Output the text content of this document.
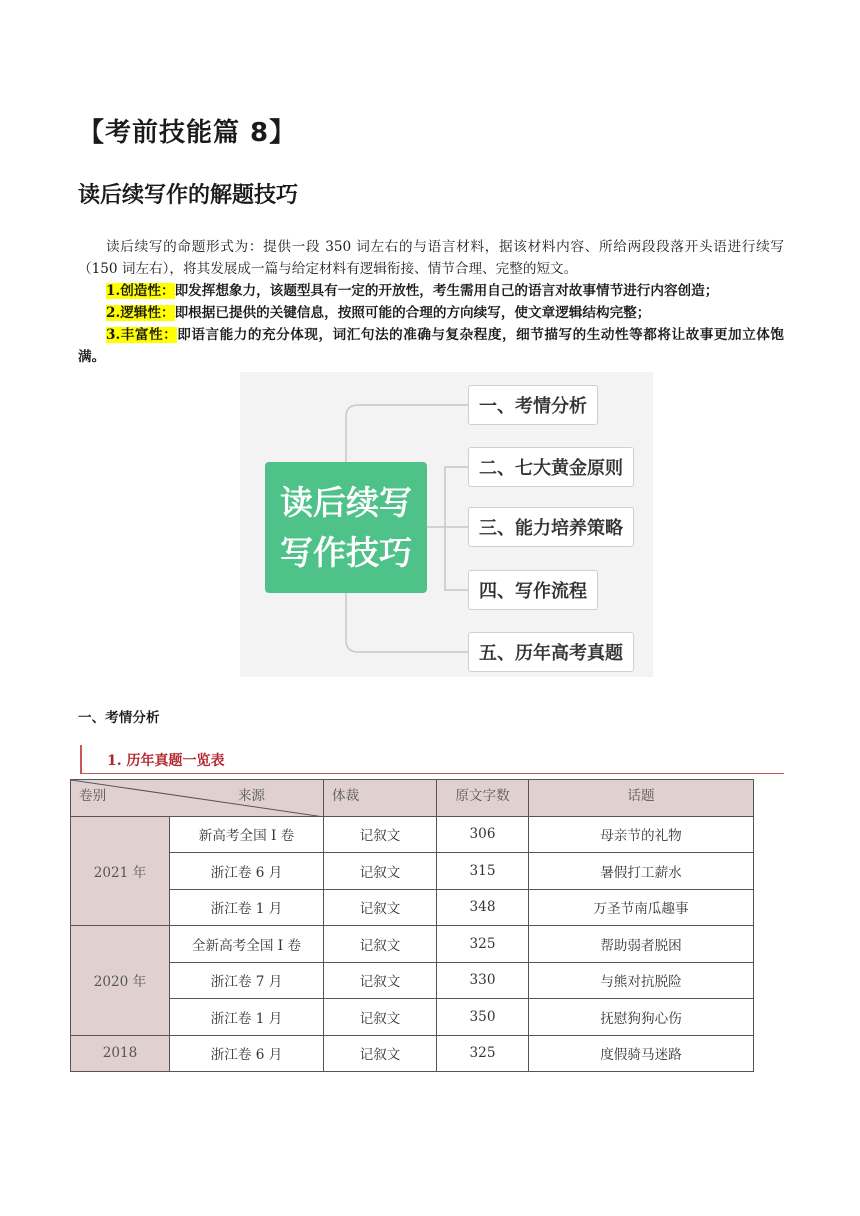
【考前技能篇 8】
读后续写作的解题技巧
读后续写的命题形式为：提供一段 350 词左右的与语言材料，据该材料内容、所给两段段落开头语进行续写（150 词左右），将其发展成一篇与给定材料有逻辑衔接、情节合理、完整的短文。
1.创造性：即发挥想象力，该题型具有一定的开放性，考生需用自己的语言对故事情节进行内容创造；
2.逻辑性：即根据已提供的关键信息，按照可能的合理的方向续写，使文章逻辑结构完整；
3.丰富性：即语言能力的充分体现，词汇句法的准确与复杂程度，细节描写的生动性等都将让故事更加立体饱满。
读后续写
写作技巧
一、考情分析
二、七大黄金原则
三、能力培养策略
四、写作流程
五、历年高考真题
一、考情分析
1. 历年真题一览表
卷别 来源		体裁	原文字数	话题
2021 年	新高考全国 I 卷	记叙文	306	母亲节的礼物
	浙江卷 6 月	记叙文	315	暑假打工薪水
	浙江卷 1 月	记叙文	348	万圣节南瓜趣事
2020 年	全新高考全国 I 卷	记叙文	325	帮助弱者脱困
	浙江卷 7 月	记叙文	330	与熊对抗脱险
	浙江卷 1 月	记叙文	350	抚慰狗狗心伤
2018	浙江卷 6 月	记叙文	325	度假骑马迷路
